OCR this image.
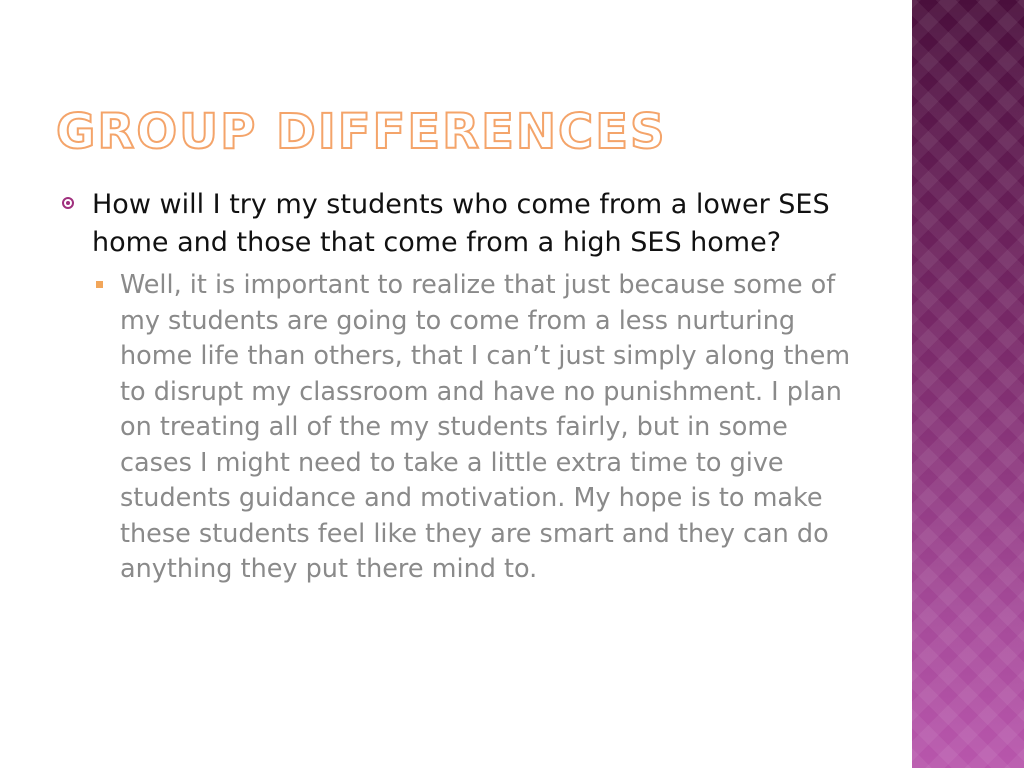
GROUP DIFFERENCES
How will I try my students who come from a lower SES home and those that come from a high SES home?
Well, it is important to realize that just because some of my students are going to come from a less nurturing home life than others, that I can’t just simply along them to disrupt my classroom and have no punishment. I plan on treating all of the my students fairly, but in some cases I might need to take a little extra time to give students guidance and motivation. My hope is to make these students feel like they are smart and they can do anything they put there mind to.
